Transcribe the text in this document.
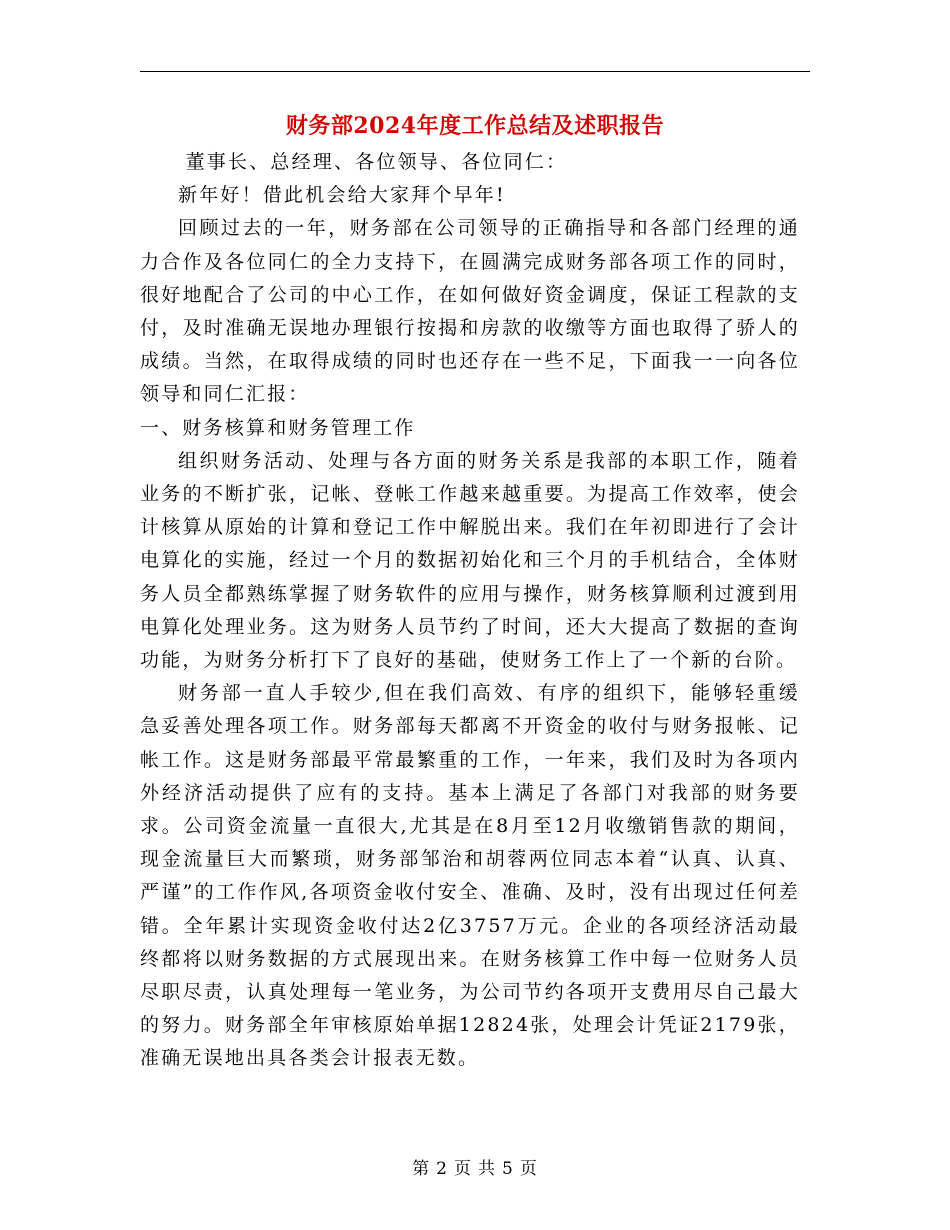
财务部2024年度工作总结及述职报告

董事长、总经理、各位领导、各位同仁：

新年好！借此机会给大家拜个早年!

回顾过去的一年，财务部在公司领导的正确指导和各部门经理的通力合作及各位同仁的全力支持下，在圆满完成财务部各项工作的同时，很好地配合了公司的中心工作，在如何做好资金调度，保证工程款的支付，及时准确无误地办理银行按揭和房款的收缴等方面也取得了骄人的成绩。当然，在取得成绩的同时也还存在一些不足，下面我一一向各位领导和同仁汇报：

一、财务核算和财务管理工作

组织财务活动、处理与各方面的财务关系是我部的本职工作，随着业务的不断扩张，记帐、登帐工作越来越重要。为提高工作效率，使会计核算从原始的计算和登记工作中解脱出来。我们在年初即进行了会计电算化的实施，经过一个月的数据初始化和三个月的手机结合，全体财务人员全都熟练掌握了财务软件的应用与操作，财务核算顺利过渡到用电算化处理业务。这为财务人员节约了时间，还大大提高了数据的查询功能，为财务分析打下了良好的基础，使财务工作上了一个新的台阶。

财务部一直人手较少,但在我们高效、有序的组织下，能够轻重缓急妥善处理各项工作。财务部每天都离不开资金的收付与财务报帐、记帐工作。这是财务部最平常最繁重的工作，一年来，我们及时为各项内外经济活动提供了应有的支持。基本上满足了各部门对我部的财务要求。公司资金流量一直很大,尤其是在8月至12月收缴销售款的期间，现金流量巨大而繁琐，财务部邹治和胡蓉两位同志本着“认真、认真、严谨”的工作作风,各项资金收付安全、准确、及时，没有出现过任何差错。全年累计实现资金收付达2亿3757万元。企业的各项经济活动最终都将以财务数据的方式展现出来。在财务核算工作中每一位财务人员尽职尽责，认真处理每一笔业务，为公司节约各项开支费用尽自己最大的努力。财务部全年审核原始单据12824张，处理会计凭证2179张，准确无误地出具各类会计报表无数。

第 2 页 共 5 页
